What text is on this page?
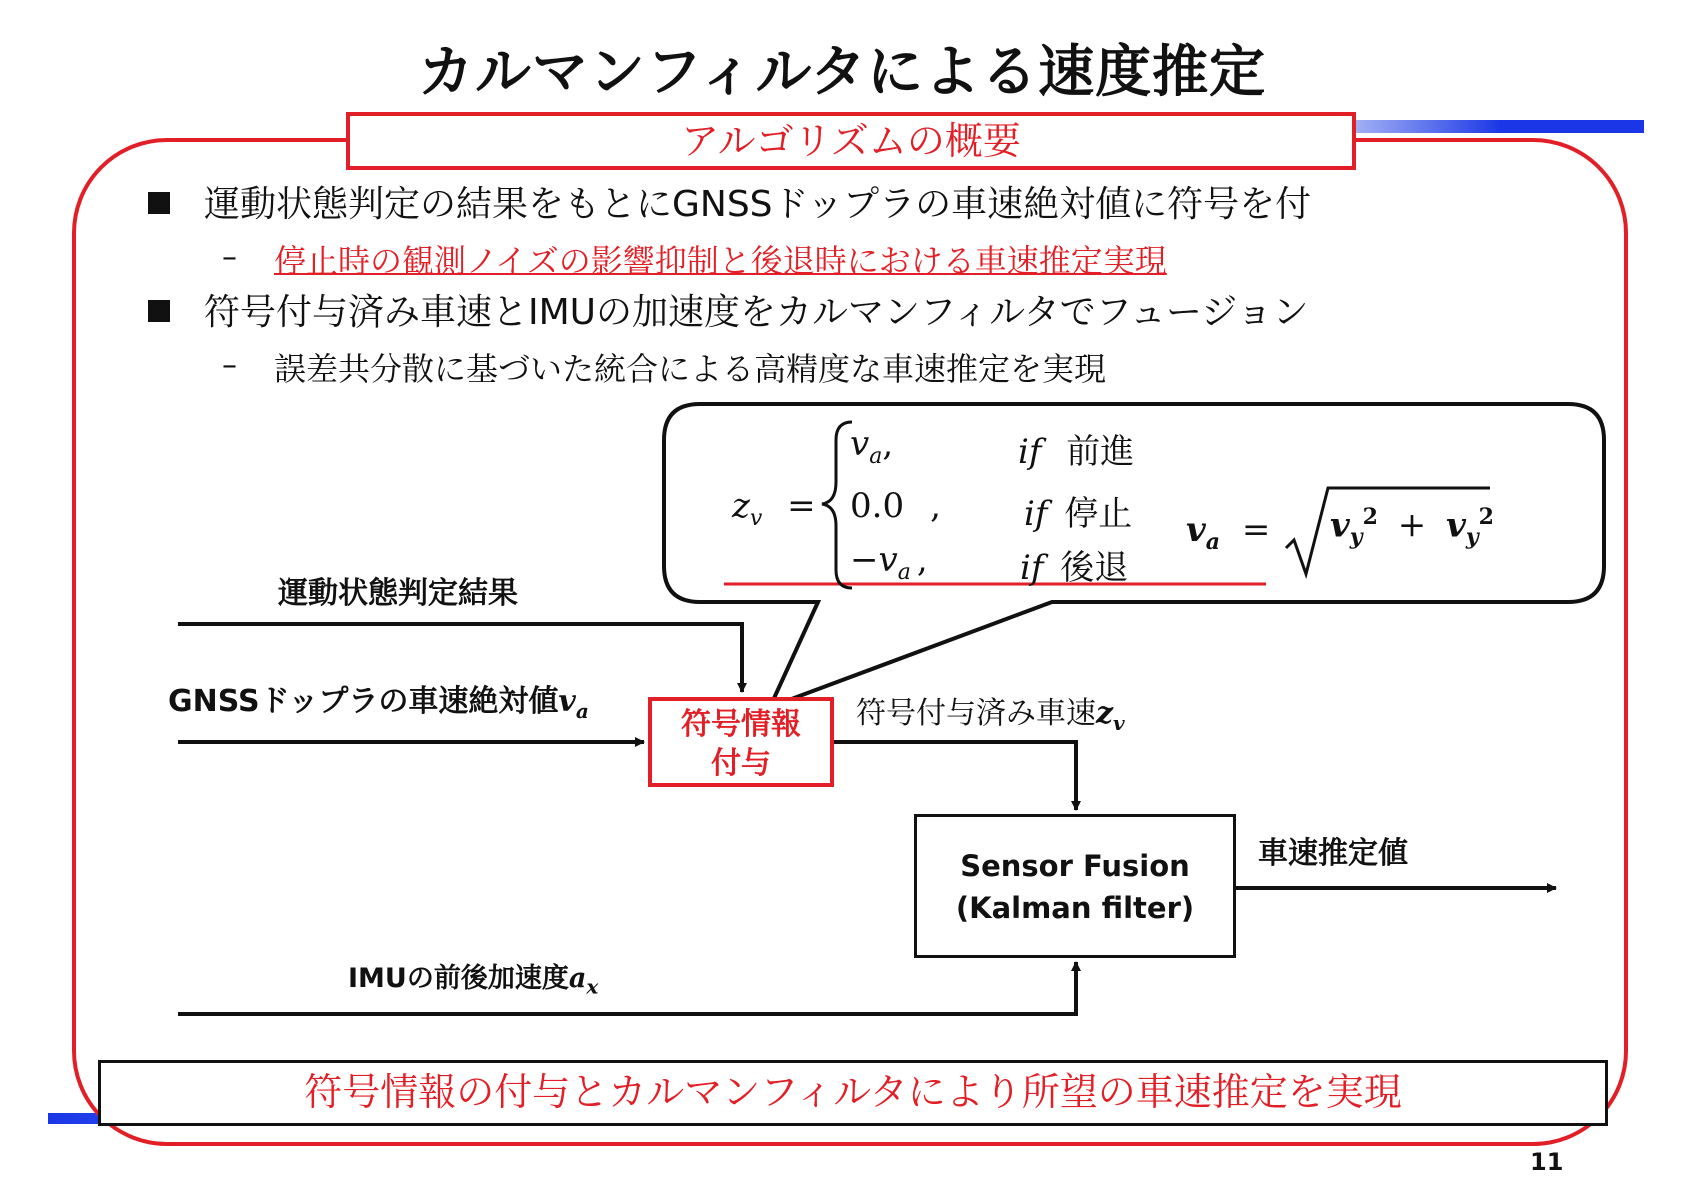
カルマンフィルタによる速度推定
アルゴリズムの概要
運動状態判定の結果をもとにGNSSドップラの車速絶対値に符号を付
– 停止時の観測ノイズの影響抑制と後退時における車速推定実現
符号付与済み車速とIMUの加速度をカルマンフィルタでフュージョン
– 誤差共分散に基づいた統合による高精度な車速推定を実現
$z_v$ =
$v_a$,
0.0 ,
$-v_a$ ,
if 前進
if 停止
if 後退
$v_a = v_y^2 + v_y^2$
運動状態判定結果
GNSSドップラの車速絶対値$v_a$
IMUの前後加速度$a_x$
符号情報
付与
符号付与済み車速$z_v$
Sensor Fusion
(Kalman filter)
車速推定値
符号情報の付与とカルマンフィルタにより所望の車速推定を実現
11
